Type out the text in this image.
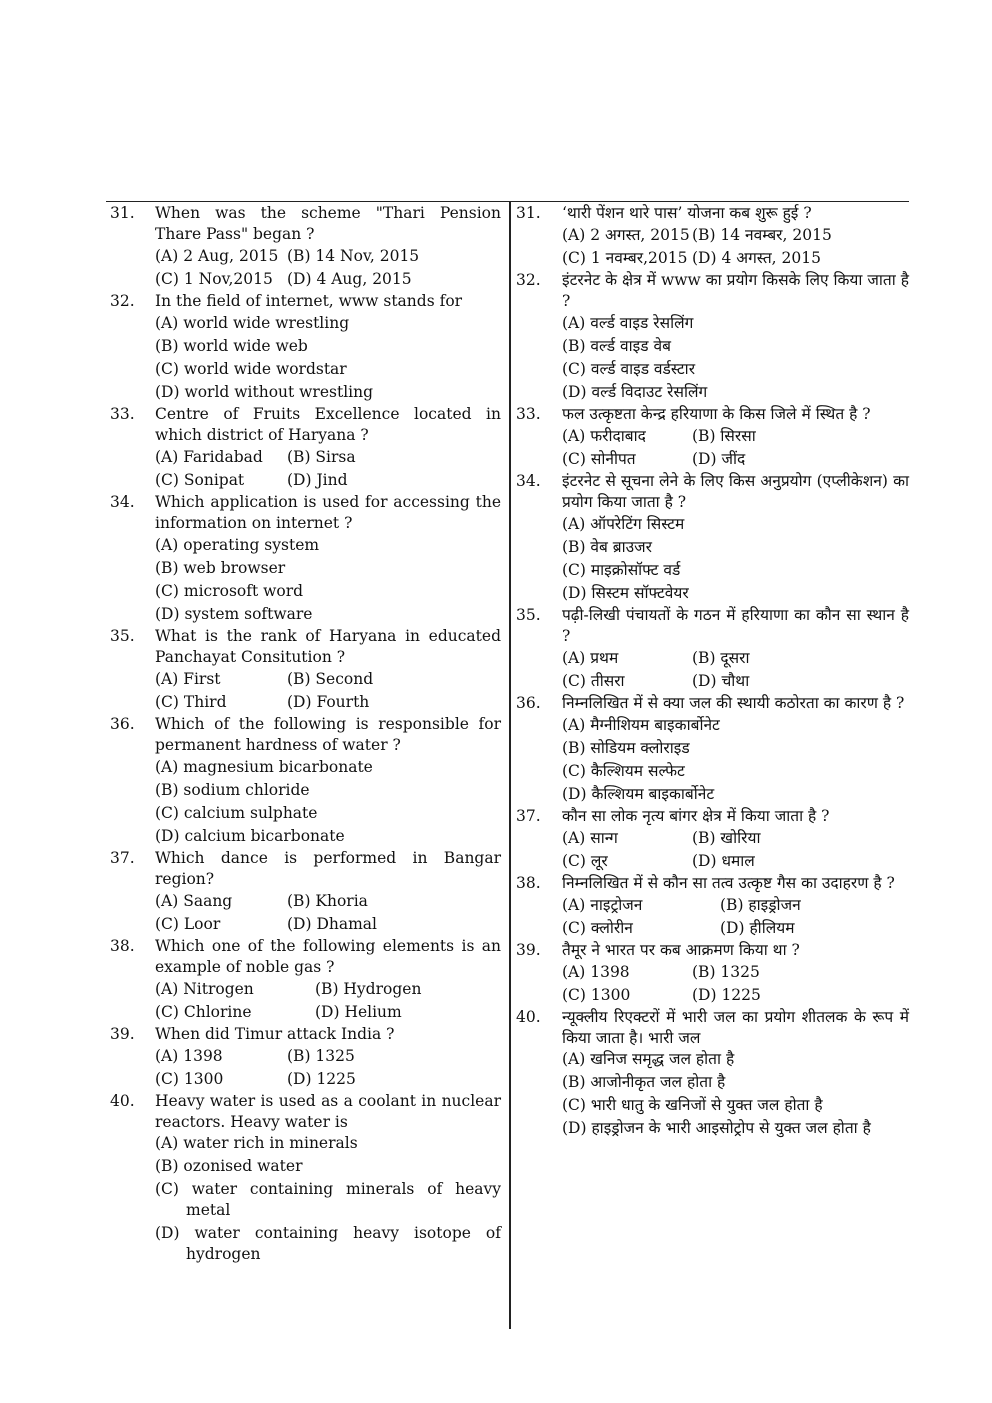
31. When was the scheme "Thari Pension Thare Pass" began ?
(A) 2 Aug, 2015 (B) 14 Nov, 2015
(C) 1 Nov,2015 (D) 4 Aug, 2015
32. In the field of internet, www stands for
(A) world wide wrestling
(B) world wide web
(C) world wide wordstar
(D) world without wrestling
33. Centre of Fruits Excellence located in which district of Haryana ?
(A) Faridabad	(B) Sirsa
(C) Sonipat	(D) Jind
34. Which application is used for accessing the information on internet ?
(A) operating system
(B) web browser
(C) microsoft word
(D) system software
35. What is the rank of Haryana in educated Panchayat Consitution ?
(A) First	(B) Second
(C) Third	(D) Fourth
36. Which of the following is responsible for permanent hardness of water ?
(A) magnesium bicarbonate
(B) sodium chloride
(C) calcium sulphate
(D) calcium bicarbonate
37. Which dance is performed in Bangar region?
(A) Saang	(B) Khoria
(C) Loor	(D) Dhamal
38. Which one of the following elements is an example of noble gas ?
(A) Nitrogen	(B) Hydrogen
(C) Chlorine	(D) Helium
39. When did Timur attack India ?
(A) 1398	(B) 1325
(C) 1300	(D) 1225
40. Heavy water is used as a coolant in nuclear reactors. Heavy water is
(A) water rich in minerals
(B) ozonised water
(C) water containing minerals of heavy metal
(D) water containing heavy isotope of hydrogen
31. ‘थारी पेंशन थारे पास’ योजना कब शुरू हुई ?
(A) 2 अगस्त, 2015 (B) 14 नवम्बर, 2015
(C) 1 नवम्बर,2015 (D) 4 अगस्त, 2015
32. इंटरनेट के क्षेत्र में www का प्रयोग किसके लिए किया जाता है ?
(A) वर्ल्ड वाइड रेसलिंग
(B) वर्ल्ड वाइड वेब
(C) वर्ल्ड वाइड वर्डस्टार
(D) वर्ल्ड विदाउट रेसलिंग
33. फल उत्कृष्टता केन्द्र हरियाणा के किस जिले में स्थित है ?
(A) फरीदाबाद	(B) सिरसा
(C) सोनीपत	(D) जींद
34. इंटरनेट से सूचना लेने के लिए किस अनुप्रयोग (एप्लीकेशन) का प्रयोग किया जाता है ?
(A) ऑपरेटिंग सिस्टम
(B) वेब ब्राउजर
(C) माइक्रोसॉफ्ट वर्ड
(D) सिस्टम सॉफ्टवेयर
35. पढ़ी-लिखी पंचायतों के गठन में हरियाणा का कौन सा स्थान है ?
(A) प्रथम	(B) दूसरा
(C) तीसरा	(D) चौथा
36. निम्नलिखित में से क्या जल की स्थायी कठोरता का कारण है ?
(A) मैग्नीशियम बाइकार्बोनेट
(B) सोडियम क्लोराइड
(C) कैल्शियम सल्फेट
(D) कैल्शियम बाइकार्बोनेट
37. कौन सा लोक नृत्य बांगर क्षेत्र में किया जाता है ?
(A) सान्ग	(B) खोरिया
(C) लूर	(D) धमाल
38. निम्नलिखित में से कौन सा तत्व उत्कृष्ट गैस का उदाहरण है ?
(A) नाइट्रोजन	(B) हाइड्रोजन
(C) क्लोरीन	(D) हीलियम
39. तैमूर ने भारत पर कब आक्रमण किया था ?
(A) 1398	(B) 1325
(C) 1300	(D) 1225
40. न्यूक्लीय रिएक्टरों में भारी जल का प्रयोग शीतलक के रूप में किया जाता है। भारी जल
(A) खनिज समृद्ध जल होता है
(B) आजोनीकृत जल होता है
(C) भारी धातु के खनिजों से युक्त जल होता है
(D) हाइड्रोजन के भारी आइसोट्रोप से युक्त जल होता है
